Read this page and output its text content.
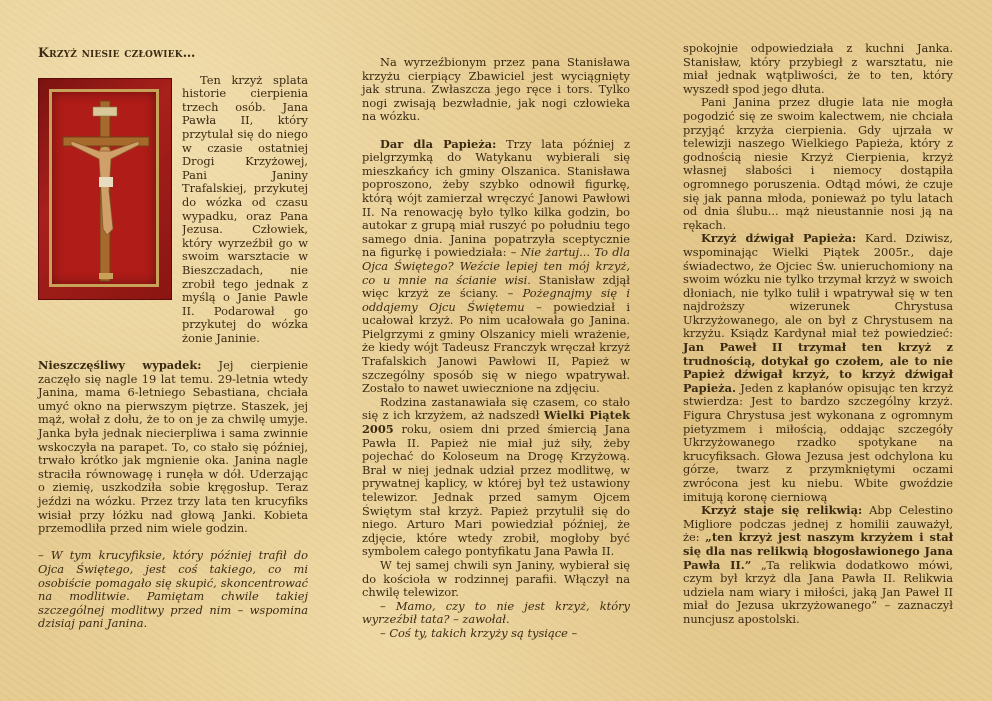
Krzyż niesie człowiek…

Ten krzyż splata historie cierpienia trzech osób. Jana Pawła II, który przytulał się do niego w czasie ostatniej Drogi Krzyżowej, Pani Janiny Trafalskiej, przykutej do wózka od czasu wypadku, oraz Pana Jezusa. Człowiek, który wyrzeźbił go w swoim warsztacie w Bieszczadach, nie zrobił tego jednak z myślą o Janie Pawle II. Podarował go przykutej do wózka żonie Janinie.

Nieszczęśliwy wypadek: Jej cierpienie zaczęło się nagle 19 lat temu. 29-letnia wtedy Janina, mama 6-letniego Sebastiana, chciała umyć okno na pierwszym piętrze. Staszek, jej mąż, wołał z dołu, że to on je za chwilę umyje. Janka była jednak niecierpliwa i sama zwinnie wskoczyła na parapet. To, co stało się później, trwało krótko jak mgnienie oka. Janina nagle straciła równowagę i runęła w dół. Uderzając o ziemię, uszkodziła sobie kręgosłup. Teraz jeździ na wózku. Przez trzy lata ten krucyfiks wisiał przy łóżku nad głową Janki. Kobieta przemodliła przed nim wiele godzin.

– W tym krucyfiksie, który później trafił do Ojca Świętego, jest coś takiego, co mi osobiście pomagało się skupić, skoncentrować na modlitwie. Pamiętam chwile takiej szczególnej modlitwy przed nim – wspomina dzisiaj pani Janina.

Na wyrzeźbionym przez pana Stanisława krzyżu cierpiący Zbawiciel jest wyciągnięty jak struna. Zwłaszcza jego ręce i tors. Tylko nogi zwisają bezwładnie, jak nogi człowieka na wózku.

Dar dla Papieża: Trzy lata później z pielgrzymką do Watykanu wybierali się mieszkańcy ich gminy Olszanica. Stanisława poproszono, żeby szybko odnowił figurkę, którą wójt zamierzał wręczyć Janowi Pawłowi II. Na renowację było tylko kilka godzin, bo autokar z grupą miał ruszyć po południu tego samego dnia. Janina popatrzyła sceptycznie na figurkę i powiedziała: – Nie żartuj... To dla Ojca Świętego? Weźcie lepiej ten mój krzyż, co u mnie na ścianie wisi. Stanisław zdjął więc krzyż ze ściany. – Pożegnajmy się i oddajemy Ojcu Świętemu – powiedział i ucałował krzyż. Po nim ucałowała go Janina. Pielgrzymi z gminy Olszanicy mieli wrażenie, że kiedy wójt Tadeusz Franczyk wręczał krzyż Trafalskich Janowi Pawłowi II, Papież w szczególny sposób się w niego wpatrywał. Zostało to nawet uwiecznione na zdjęciu.

Rodzina zastanawiała się czasem, co stało się z ich krzyżem, aż nadszedł Wielki Piątek 2005 roku, osiem dni przed śmiercią Jana Pawła II. Papież nie miał już siły, żeby pojechać do Koloseum na Drogę Krzyżową. Brał w niej jednak udział przez modlitwę, w prywatnej kaplicy, w której był też ustawiony telewizor. Jednak przed samym Ojcem Świętym stał krzyż. Papież przytulił się do niego. Arturo Mari powiedział później, że zdjęcie, które wtedy zrobił, mogłoby być symbolem całego pontyfikatu Jana Pawła II.

W tej samej chwili syn Janiny, wybierał się do kościoła w rodzinnej parafii. Włączył na chwilę telewizor.

– Mamo, czy to nie jest krzyż, który wyrzeźbił tata? – zawołał.

– Coś ty, takich krzyży są tysiące –

spokojnie odpowiedziała z kuchni Janka. Stanisław, który przybiegł z warsztatu, nie miał jednak wątpliwości, że to ten, który wyszedł spod jego dłuta.

Pani Janina przez długie lata nie mogła pogodzić się ze swoim kalectwem, nie chciała przyjąć krzyża cierpienia. Gdy ujrzała w telewizji naszego Wielkiego Papieża, który z godnością niesie Krzyż Cierpienia, krzyż własnej słabości i niemocy dostąpiła ogromnego poruszenia. Odtąd mówi, że czuje się jak panna młoda, ponieważ po tylu latach od dnia ślubu... mąż nieustannie nosi ją na rękach.

Krzyż dźwigał Papieża: Kard. Dziwisz, wspominając Wielki Piątek 2005r., daje świadectwo, że Ojciec Św. unieruchomiony na swoim wózku nie tylko trzymał krzyż w swoich dłoniach, nie tylko tulił i wpatrywał się w ten najdroższy wizerunek Chrystusa Ukrzyżowanego, ale on był z Chrystusem na krzyżu. Ksiądz Kardynał miał też powiedzieć: Jan Paweł II trzymał ten krzyż z trudnością, dotykał go czołem, ale to nie Papież dźwigał krzyż, to krzyż dźwigał Papieża. Jeden z kapłanów opisując ten krzyż stwierdza: Jest to bardzo szczególny krzyż. Figura Chrystusa jest wykonana z ogromnym pietyzmem i miłością, oddając szczegóły Ukrzyżowanego rzadko spotykane na krucyfiksach. Głowa Jezusa jest odchylona ku górze, twarz z przymkniętymi oczami zwrócona jest ku niebu. Wbite gwoździe imitują koronę cierniową

Krzyż staje się relikwią: Abp Celestino Migliore podczas jednej z homilii zauważył, że: „ten krzyż jest naszym krzyżem i stał się dla nas relikwią błogosławionego Jana Pawła II.” „Ta relikwia dodatkowo mówi, czym był krzyż dla Jana Pawła II. Relikwia udziela nam wiary i miłości, jaką Jan Paweł II miał do Jezusa ukrzyżowanego” – zaznaczył nuncjusz apostolski.
